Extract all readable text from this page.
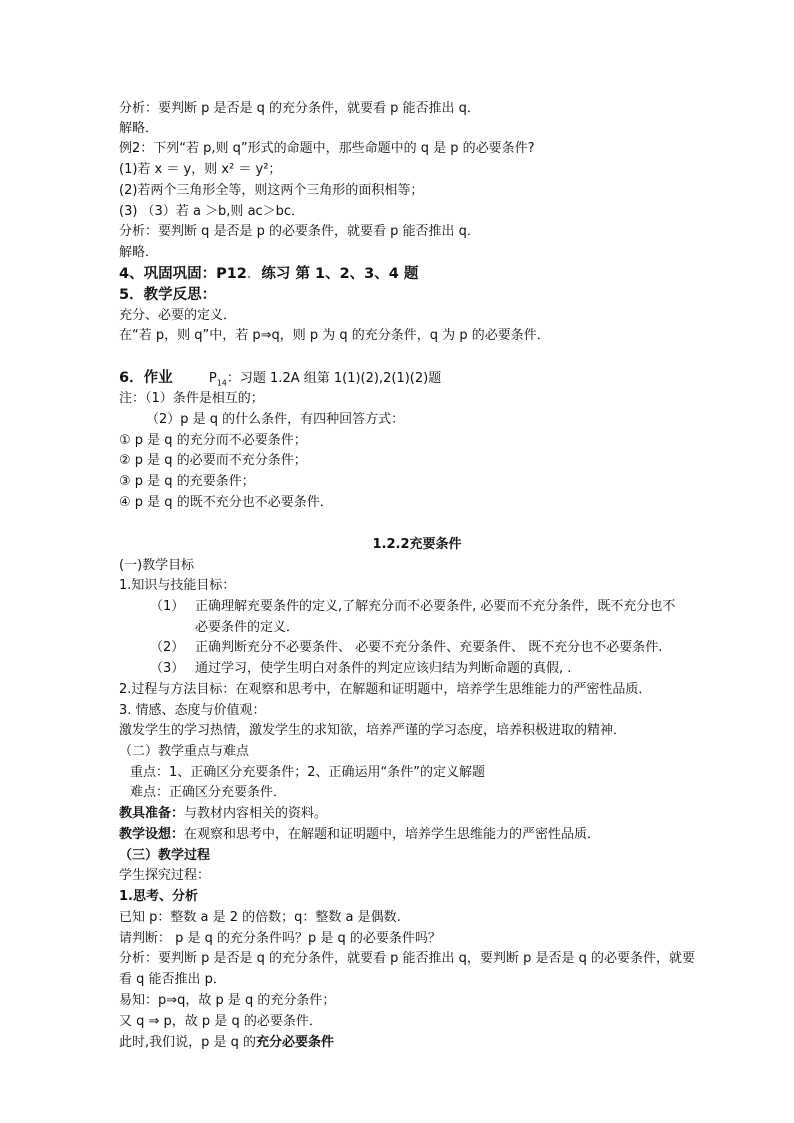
分析：要判断 p 是否是 q 的充分条件，就要看 p 能否推出 q．
解略．
例2：下列“若 p,则 q”形式的命题中，那些命题中的 q 是 p 的必要条件?
(1)若 x ＝ y，则 x² ＝ y²；
(2)若两个三角形全等，则这两个三角形的面积相等；
(3) （3）若 a ＞b,则 ac＞bc．
分析：要判断 q 是否是 p 的必要条件，就要看 p 能否推出 q．
解略．
4、巩固巩固：P12．练习 第 1、2、3、4 题
5．教学反思：
充分、必要的定义．
在“若 p，则 q”中，若 p⇒q，则 p 为 q 的充分条件，q 为 p 的必要条件．
6．作业	$P_{14}$：习题 1.2A 组第 1(1)(2),2(1)(2)题
注：（1）条件是相互的；
（2）p 是 q 的什么条件，有四种回答方式：
① p 是 q 的充分而不必要条件；
② p 是 q 的必要而不充分条件；
③ p 是 q 的充要条件；
④ p 是 q 的既不充分也不必要条件．
1.2.2充要条件
(一)教学目标
1.知识与技能目标：
（1） 正确理解充要条件的定义,了解充分而不必要条件, 必要而不充分条件，既不充分也不
必要条件的定义．
（2） 正确判断充分不必要条件、 必要不充分条件、充要条件、 既不充分也不必要条件.
（3） 通过学习，使学生明白对条件的判定应该归结为判断命题的真假, .
2.过程与方法目标：在观察和思考中，在解题和证明题中，培养学生思维能力的严密性品质．
3. 情感、态度与价值观：
激发学生的学习热情，激发学生的求知欲，培养严谨的学习态度，培养积极进取的精神．
（二）教学重点与难点
重点：1、正确区分充要条件；2、正确运用“条件”的定义解题
难点：正确区分充要条件．
教具准备：与教材内容相关的资料。
教学设想：在观察和思考中，在解题和证明题中，培养学生思维能力的严密性品质．
（三）教学过程
学生探究过程：
1.思考、分析
已知 p：整数 a 是 2 的倍数；q：整数 a 是偶数.
请判断： p 是 q 的充分条件吗？p 是 q 的必要条件吗？
分析：要判断 p 是否是 q 的充分条件，就要看 p 能否推出 q，要判断 p 是否是 q 的必要条件，就要
看 q 能否推出 p．
易知：p⇒q，故 p 是 q 的充分条件；
又 q ⇒ p，故 p 是 q 的必要条件．
此时,我们说，p 是 q 的充分必要条件
